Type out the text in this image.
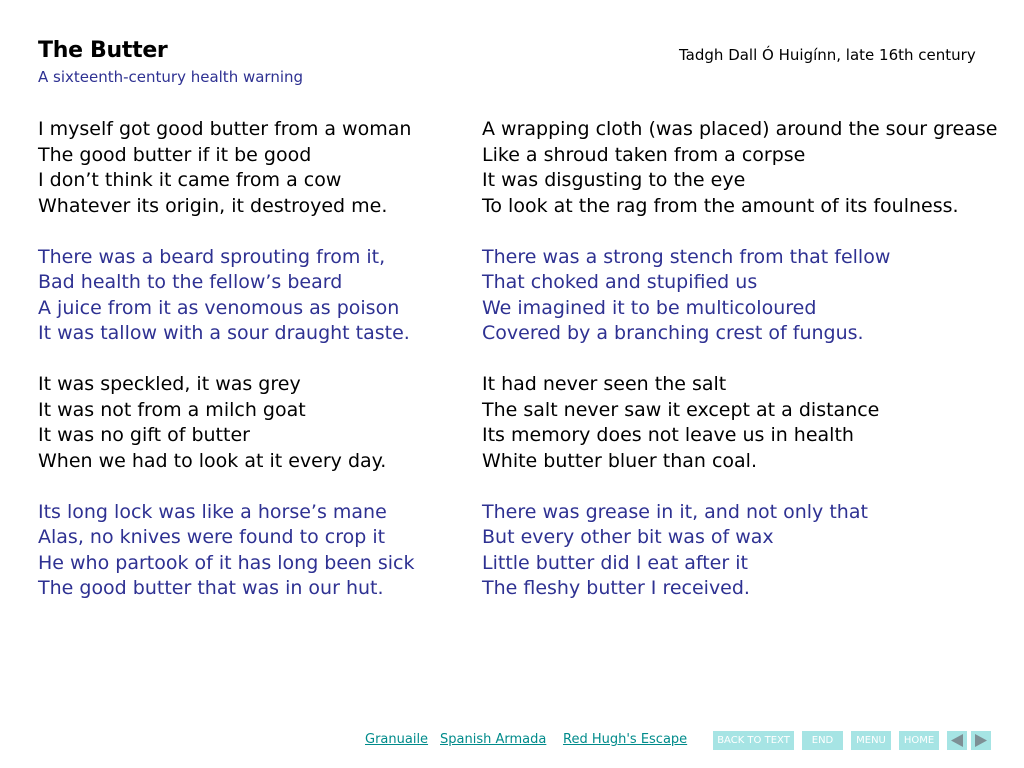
The Butter
A sixteenth-century health warning
Tadgh Dall Ó Huigínn, late 16th century
I myself got good butter from a woman
The good butter if it be good
I don’t think it came from a cow
Whatever its origin, it destroyed me.
There was a beard sprouting from it,
Bad health to the fellow’s beard
A juice from it as venomous as poison
It was tallow with a sour draught taste.
It was speckled, it was grey
It was not from a milch goat
It was no gift of butter
When we had to look at it every day.
Its long lock was like a horse’s mane
Alas, no knives were found to crop it
He who partook of it has long been sick
The good butter that was in our hut.
A wrapping cloth (was placed) around the sour grease
Like a shroud taken from a corpse
It was disgusting to the eye
To look at the rag from the amount of its foulness.
There was a strong stench from that fellow
That choked and stupified us
We imagined it to be multicoloured
Covered by a branching crest of fungus.
It had never seen the salt
The salt never saw it except at a distance
Its memory does not leave us in health
White butter bluer than coal.
There was grease in it, and not only that
But every other bit was of wax
Little butter did I eat after it
The fleshy butter I received.
Granuaile Spanish Armada Red Hugh's Escape	BACK TO TEXT	END	MENU	HOME
